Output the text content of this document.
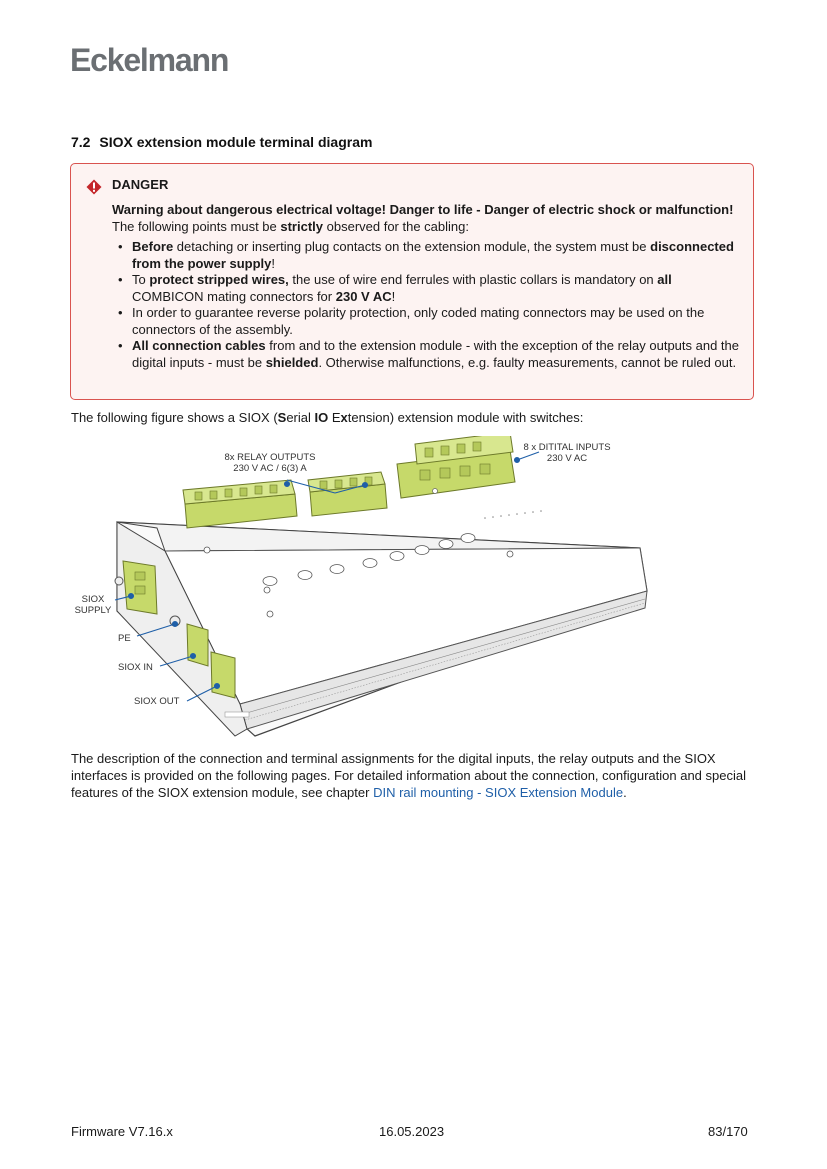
Eckelmann
7.2 SIOX extension module terminal diagram
DANGER

Warning about dangerous electrical voltage! Danger to life - Danger of electric shock or malfunction! The following points must be strictly observed for the cabling:

• Before detaching or inserting plug contacts on the extension module, the system must be disconnected from the power supply!
• To protect stripped wires, the use of wire end ferrules with plastic collars is mandatory on all COMBICON mating connectors for 230 V AC!
• In order to guarantee reverse polarity protection, only coded mating connectors may be used on the connectors of the assembly.
• All connection cables from and to the extension module - with the exception of the relay outputs and the digital inputs - must be shielded. Otherwise malfunctions, e.g. faulty measurements, cannot be ruled out.
The following figure shows a SIOX (Serial IO Extension) extension module with switches:
8x RELAY OUTPUTS
230 V AC / 6(3) A
8 x DITITAL INPUTS
230 V AC
SIOX
SUPPLY
PE
SIOX IN
SIOX OUT
The description of the connection and terminal assignments for the digital inputs, the relay outputs and the SIOX interfaces is provided on the following pages. For detailed information about the connection, configuration and special features of the SIOX extension module, see chapter DIN rail mounting - SIOX Extension Module.
Firmware V7.16.x	16.05.2023	83/170
